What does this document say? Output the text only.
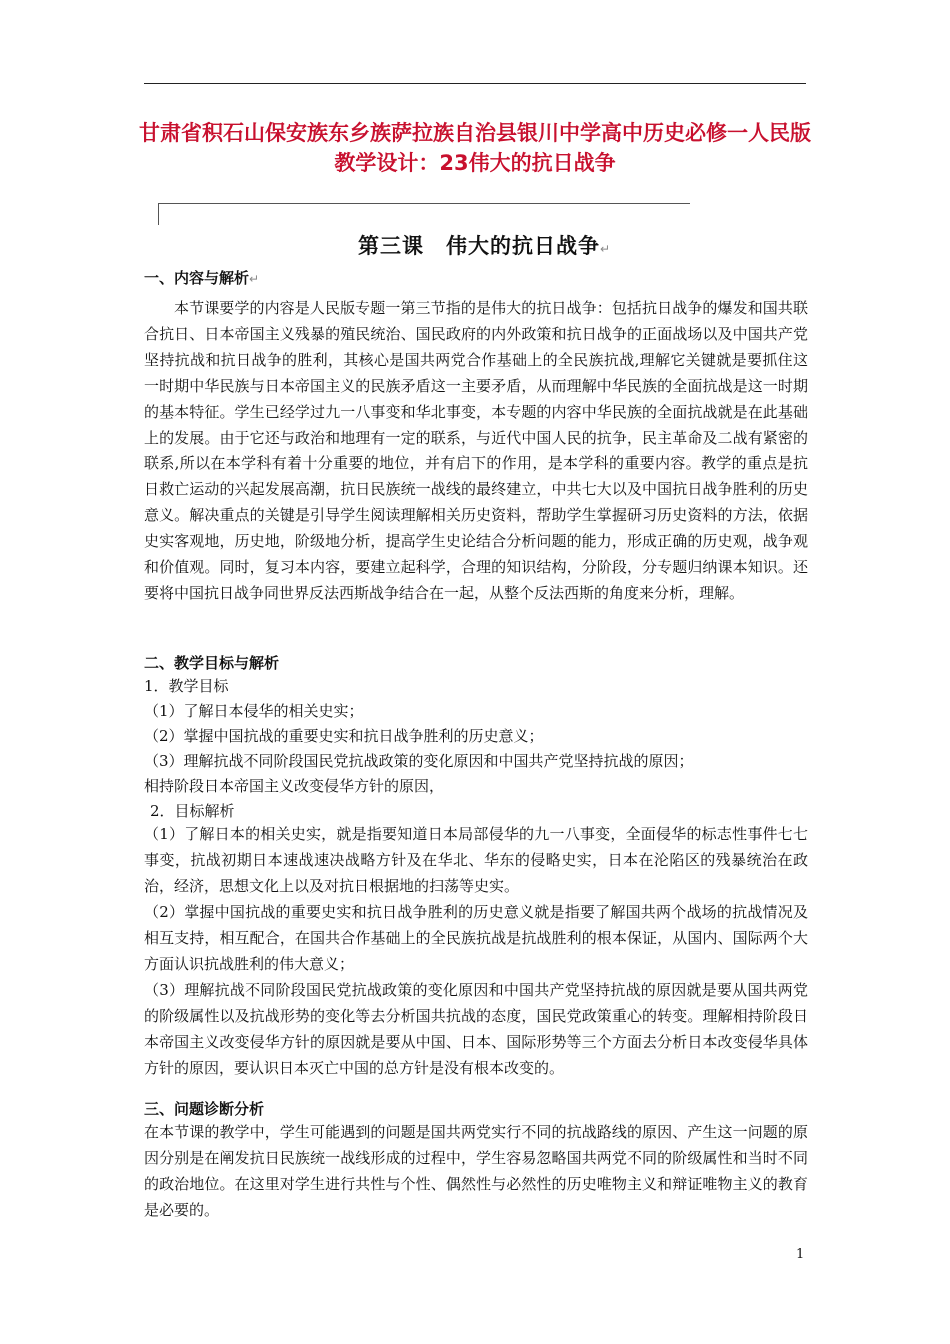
甘肃省积石山保安族东乡族萨拉族自治县银川中学高中历史必修一人民版教学设计：23伟大的抗日战争
第三课　伟大的抗日战争↵
一、内容与解析↵

本节课要学的内容是人民版专题一第三节指的是伟大的抗日战争：包括抗日战争的爆发和国共联合抗日、日本帝国主义残暴的殖民统治、国民政府的内外政策和抗日战争的正面战场以及中国共产党坚持抗战和抗日战争的胜利，其核心是国共两党合作基础上的全民族抗战,理解它关键就是要抓住这一时期中华民族与日本帝国主义的民族矛盾这一主要矛盾，从而理解中华民族的全面抗战是这一时期的基本特征。学生已经学过九一八事变和华北事变，本专题的内容中华民族的全面抗战就是在此基础上的发展。由于它还与政治和地理有一定的联系，与近代中国人民的抗争，民主革命及二战有紧密的联系,所以在本学科有着十分重要的地位，并有启下的作用，是本学科的重要内容。教学的重点是抗日救亡运动的兴起发展高潮，抗日民族统一战线的最终建立，中共七大以及中国抗日战争胜利的历史意义。解决重点的关键是引导学生阅读理解相关历史资料，帮助学生掌握研习历史资料的方法，依据史实客观地，历史地，阶级地分析，提高学生史论结合分析问题的能力，形成正确的历史观，战争观和价值观。同时，复习本内容，要建立起科学，合理的知识结构，分阶段，分专题归纳课本知识。还要将中国抗日战争同世界反法西斯战争结合在一起，从整个反法西斯的角度来分析，理解。

二、教学目标与解析

1．教学目标

（1）了解日本侵华的相关史实；

（2）掌握中国抗战的重要史实和抗日战争胜利的历史意义；

（3）理解抗战不同阶段国民党抗战政策的变化原因和中国共产党坚持抗战的原因；

相持阶段日本帝国主义改变侵华方针的原因，

2．目标解析

（1）了解日本的相关史实，就是指要知道日本局部侵华的九一八事变，全面侵华的标志性事件七七事变，抗战初期日本速战速决战略方针及在华北、华东的侵略史实，日本在沦陷区的残暴统治在政治，经济，思想文化上以及对抗日根据地的扫荡等史实。

（2）掌握中国抗战的重要史实和抗日战争胜利的历史意义就是指要了解国共两个战场的抗战情况及相互支持，相互配合，在国共合作基础上的全民族抗战是抗战胜利的根本保证，从国内、国际两个大方面认识抗战胜利的伟大意义；

（3）理解抗战不同阶段国民党抗战政策的变化原因和中国共产党坚持抗战的原因就是要从国共两党的阶级属性以及抗战形势的变化等去分析国共抗战的态度，国民党政策重心的转变。理解相持阶段日本帝国主义改变侵华方针的原因就是要从中国、日本、国际形势等三个方面去分析日本改变侵华具体方针的原因，要认识日本灭亡中国的总方针是没有根本改变的。

三、问题诊断分析

在本节课的教学中，学生可能遇到的问题是国共两党实行不同的抗战路线的原因、产生这一问题的原因分别是在阐发抗日民族统一战线形成的过程中，学生容易忽略国共两党不同的阶级属性和当时不同的政治地位。在这里对学生进行共性与个性、偶然性与必然性的历史唯物主义和辩证唯物主义的教育是必要的。

1
